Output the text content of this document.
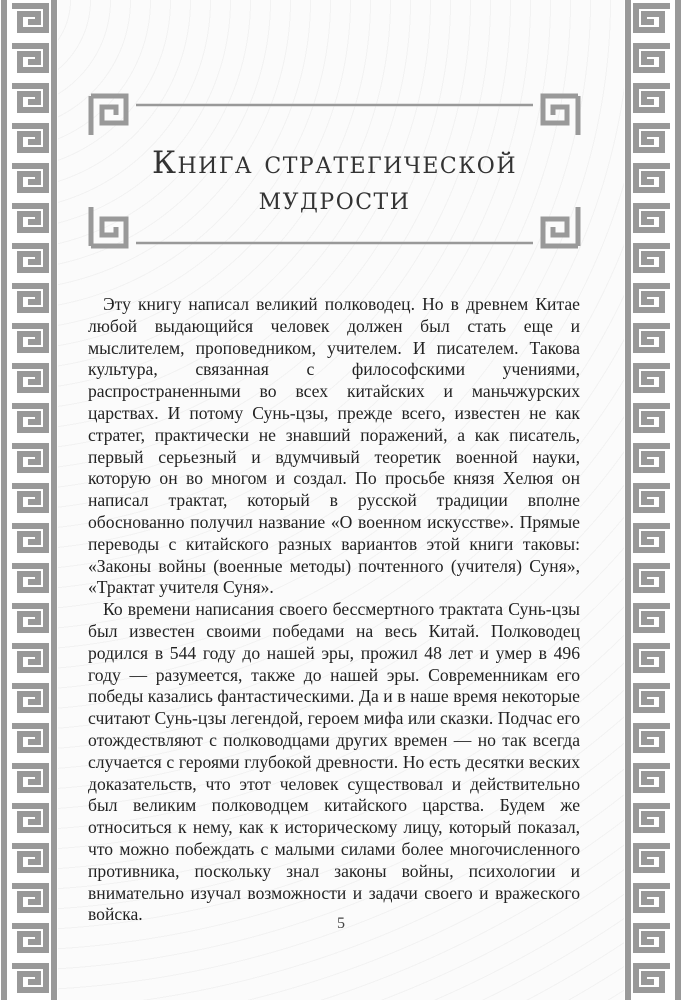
Книга стратегической
мудрости

Эту книгу написал великий полководец. Но в древнем Китае любой выдающийся человек должен был стать еще и мыслителем, проповедником, учителем. И писателем. Такова культура, связанная с философскими учениями, распространенными во всех китайских и маньчжурских царствах. И потому Сунь-цзы, прежде всего, известен не как стратег, практически не знавший поражений, а как писатель, первый серьезный и вдумчивый теоретик военной науки, которую он во многом и создал. По просьбе князя Хелюя он написал трактат, который в русской традиции вполне обоснованно получил название «О военном искусстве». Прямые переводы с китайского разных вариантов этой книги таковы: «Законы войны (военные методы) почтенного (учителя) Суня», «Трактат учителя Суня».

Ко времени написания своего бессмертного трактата Сунь-цзы был известен своими победами на весь Китай. Полководец родился в 544 году до нашей эры, прожил 48 лет и умер в 496 году — разумеется, также до нашей эры. Современникам его победы казались фантастическими. Да и в наше время некоторые считают Сунь-цзы легендой, героем мифа или сказки. Подчас его отождествляют с полководцами других времен — но так всегда случается с героями глубокой древности. Но есть десятки веских доказательств, что этот человек существовал и действительно был великим полководцем китайского царства. Будем же относиться к нему, как к историческому лицу, который показал, что можно побеждать с малыми силами более многочисленного противника, поскольку знал законы войны, психологии и внимательно изучал возможности и задачи своего и вражеского войска.	5
